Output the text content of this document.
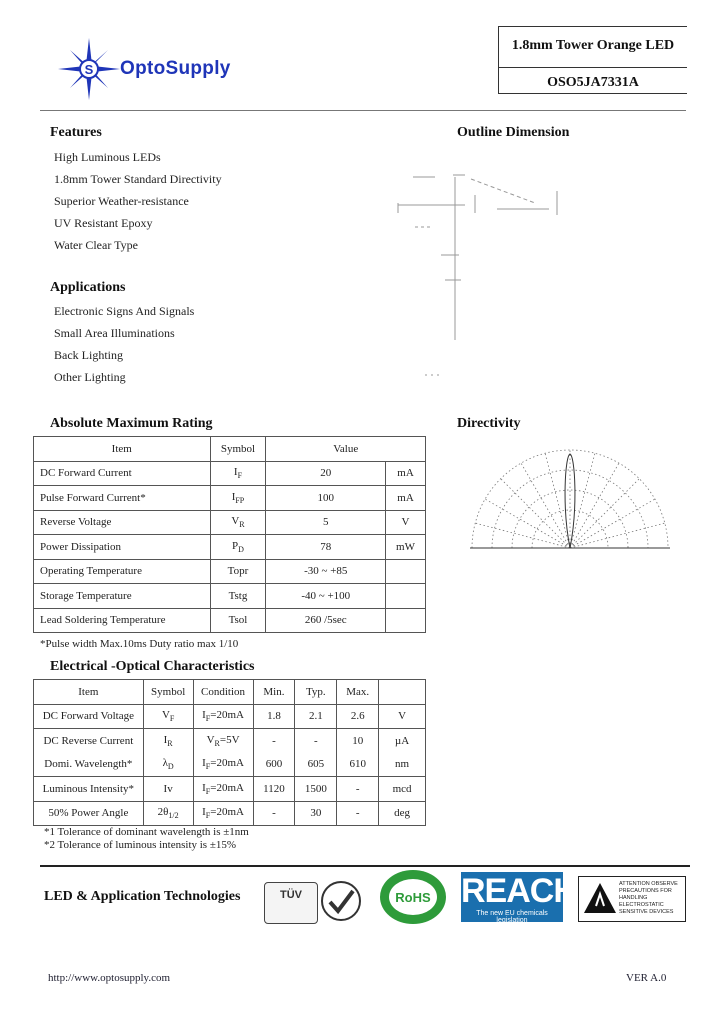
S OptoSupply
1.8mm Tower Orange LED
OSO5JA7331A
Features
High Luminous LEDs
1.8mm Tower Standard Directivity
Superior Weather-resistance
UV Resistant Epoxy
Water Clear Type
Applications
Electronic Signs And Signals
Small Area Illuminations
Back Lighting
Other Lighting
Outline Dimension
Directivity
Absolute Maximum Rating
Item	Symbol	Value	
DC Forward Current	$I_F$	20	mA
Pulse Forward Current*	$I_{FP}$	100	mA
Reverse Voltage	$V_R$	5	V
Power Dissipation	$P_D$	78	mW
Operating Temperature	Topr	-30 ~ +85	
Storage Temperature	Tstg	-40 ~ +100	
Lead Soldering Temperature	Tsol	260 /5sec	
*Pulse width Max.10ms Duty ratio max 1/10
Electrical -Optical Characteristics
Item	Symbol	Condition	Min.	Typ.	Max.	
DC Forward Voltage	$V_F$	$I_F=20mA$	1.8	2.1	2.6	V
DC Reverse Current	$I_R$	$V_R=5V$	-	-	10	µA
Domi. Wavelength*	$\lambda_D$	$I_F=20mA$	600	605	610	nm
Luminous Intensity*	Iv	$I_F=20mA$	1120	1500	-	mcd
50% Power Angle	$2\theta_{1/2}$	$I_F=20mA$	-	30	-	deg
*1 Tolerance of dominant wavelength is ±1nm
*2 Tolerance of luminous intensity is ±15%
LED & Application Technologies	TÜV	RoHS REACH
The new EU chemicals legislation
ATTENTION OBSERVE PRECAUTIONS FOR HANDLING ELECTROSTATIC SENSITIVE DEVICES
http://www.optosupply.com	VER A.0
